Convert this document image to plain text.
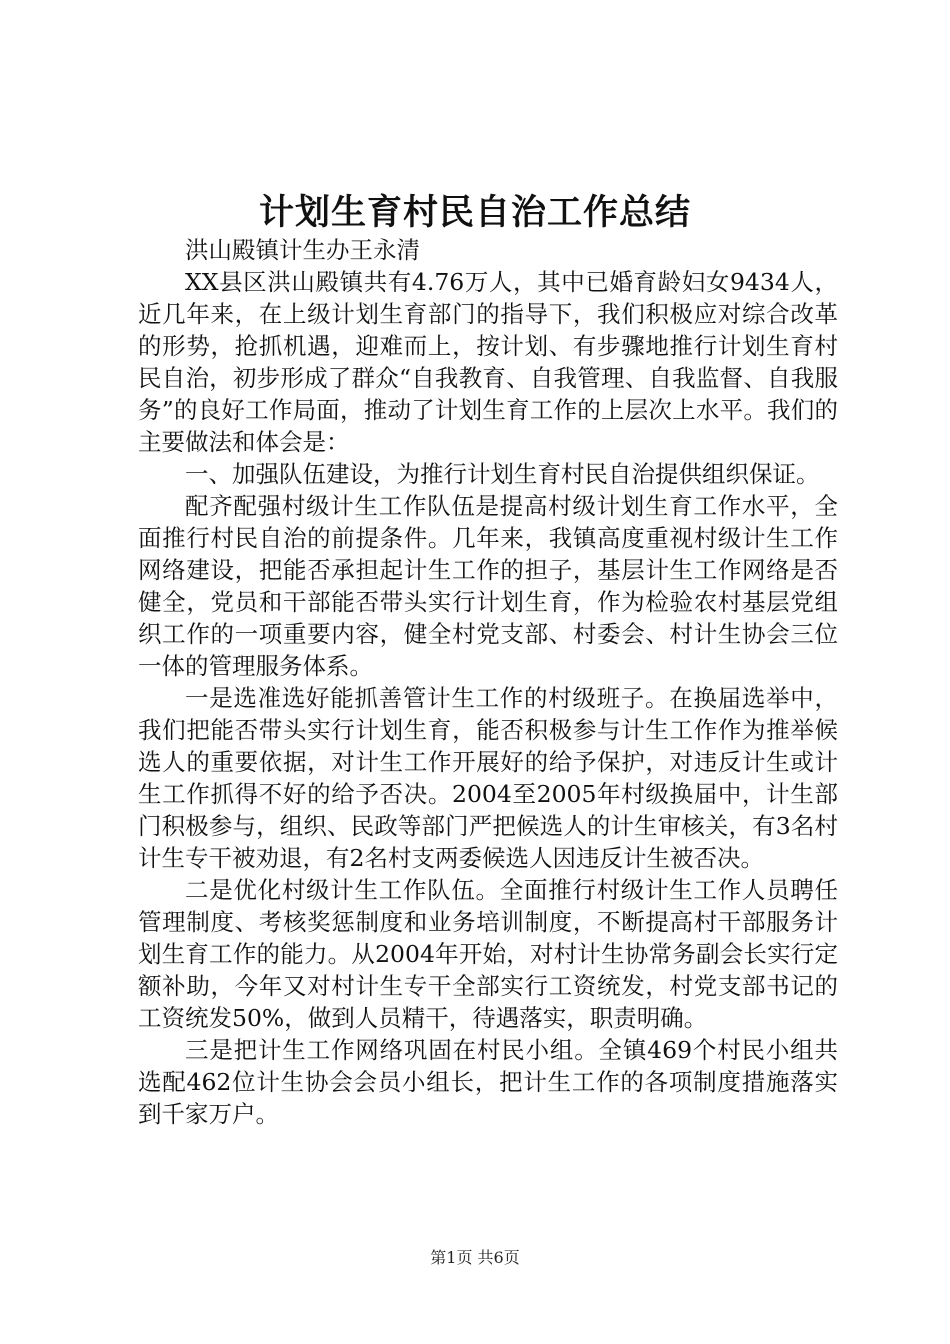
计划生育村民自治工作总结

洪山殿镇计生办王永清

XX县区洪山殿镇共有4.76万人，其中已婚育龄妇女9434人，近几年来，在上级计划生育部门的指导下，我们积极应对综合改革的形势，抢抓机遇，迎难而上，按计划、有步骤地推行计划生育村民自治，初步形成了群众“自我教育、自我管理、自我监督、自我服务”的良好工作局面，推动了计划生育工作的上层次上水平。我们的主要做法和体会是：

一、加强队伍建设，为推行计划生育村民自治提供组织保证。

配齐配强村级计生工作队伍是提高村级计划生育工作水平，全面推行村民自治的前提条件。几年来，我镇高度重视村级计生工作网络建设，把能否承担起计生工作的担子，基层计生工作网络是否健全，党员和干部能否带头实行计划生育，作为检验农村基层党组织工作的一项重要内容，健全村党支部、村委会、村计生协会三位一体的管理服务体系。

一是选准选好能抓善管计生工作的村级班子。在换届选举中，我们把能否带头实行计划生育，能否积极参与计生工作作为推举候选人的重要依据，对计生工作开展好的给予保护，对违反计生或计生工作抓得不好的给予否决。2004至2005年村级换届中，计生部门积极参与，组织、民政等部门严把候选人的计生审核关，有3名村计生专干被劝退，有2名村支两委候选人因违反计生被否决。

二是优化村级计生工作队伍。全面推行村级计生工作人员聘任管理制度、考核奖惩制度和业务培训制度，不断提高村干部服务计划生育工作的能力。从2004年开始，对村计生协常务副会长实行定额补助，今年又对村计生专干全部实行工资统发，村党支部书记的工资统发50%，做到人员精干，待遇落实，职责明确。

三是把计生工作网络巩固在村民小组。全镇469个村民小组共选配462位计生协会会员小组长，把计生工作的各项制度措施落实到千家万户。

第1页 共6页
